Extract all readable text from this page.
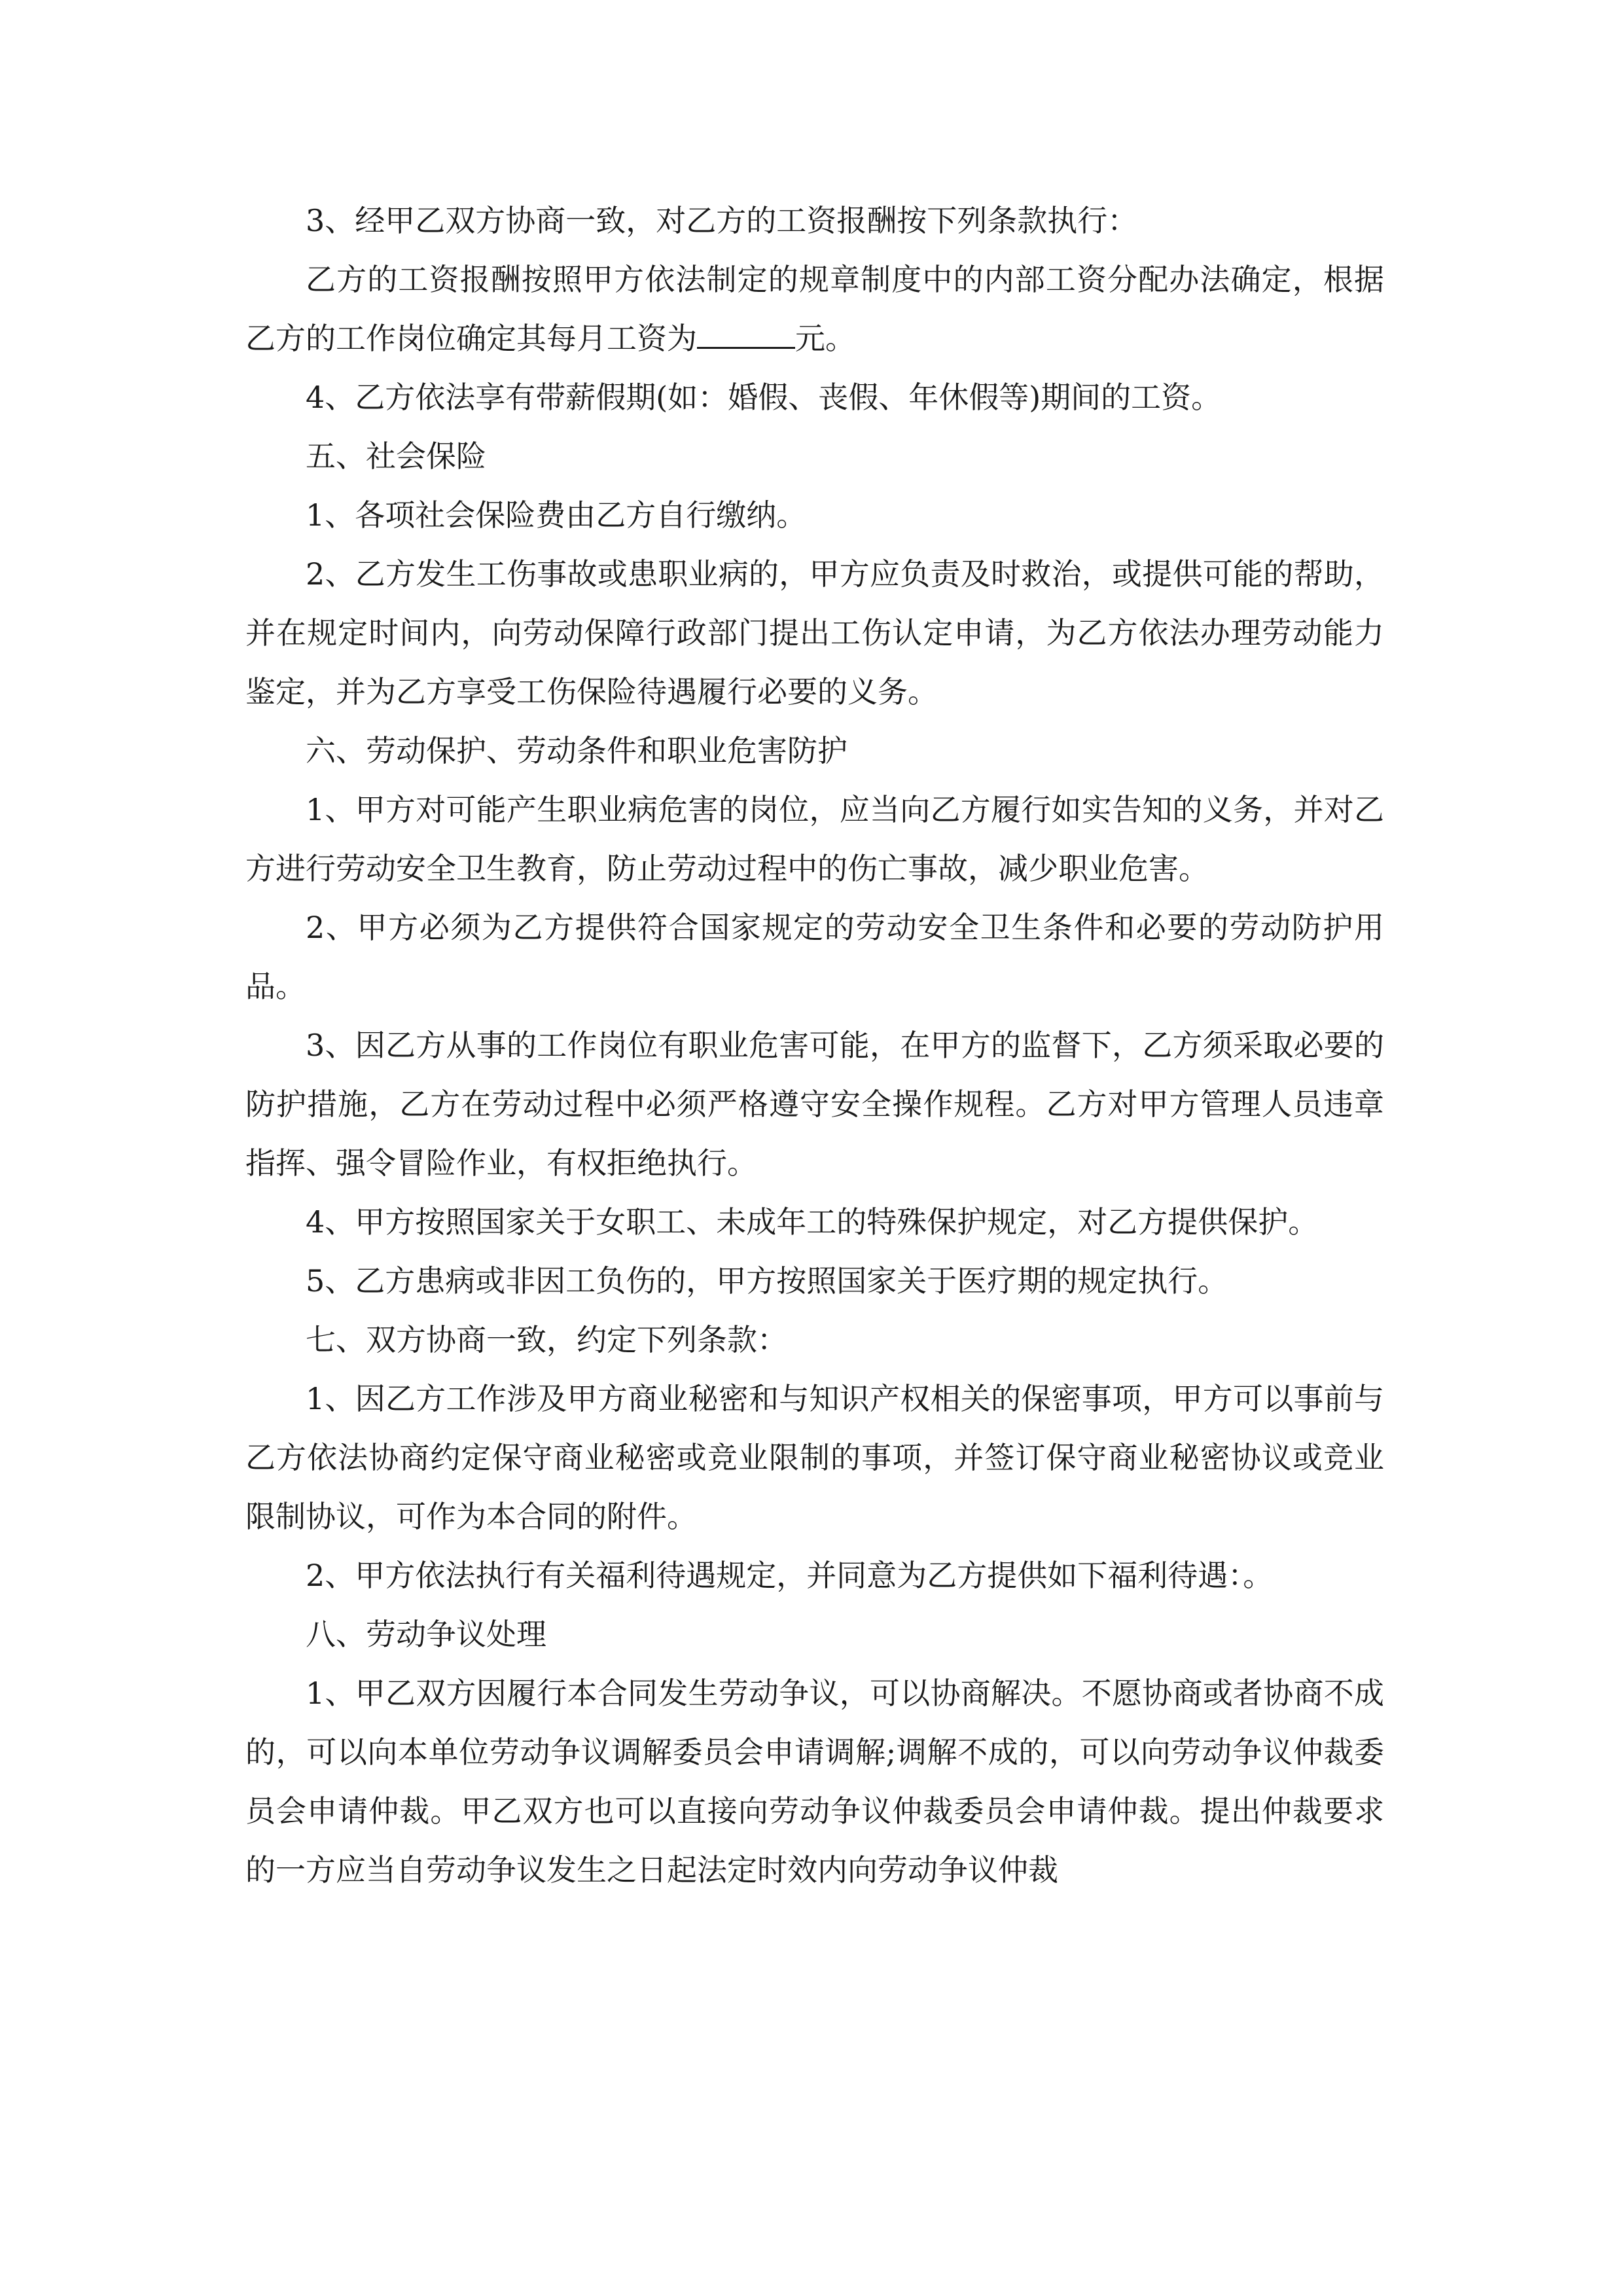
3、经甲乙双方协商一致，对乙方的工资报酬按下列条款执行：

乙方的工资报酬按照甲方依法制定的规章制度中的内部工资分配办法确定，根据乙方的工作岗位确定其每月工资为	元。

4、乙方依法享有带薪假期(如：婚假、丧假、年休假等)期间的工资。

五、社会保险

1、各项社会保险费由乙方自行缴纳。

2、乙方发生工伤事故或患职业病的，甲方应负责及时救治，或提供可能的帮助，并在规定时间内，向劳动保障行政部门提出工伤认定申请，为乙方依法办理劳动能力鉴定，并为乙方享受工伤保险待遇履行必要的义务。

六、劳动保护、劳动条件和职业危害防护

1、甲方对可能产生职业病危害的岗位，应当向乙方履行如实告知的义务，并对乙方进行劳动安全卫生教育，防止劳动过程中的伤亡事故，减少职业危害。

2、甲方必须为乙方提供符合国家规定的劳动安全卫生条件和必要的劳动防护用品。

3、因乙方从事的工作岗位有职业危害可能，在甲方的监督下，乙方须采取必要的防护措施，乙方在劳动过程中必须严格遵守安全操作规程。乙方对甲方管理人员违章指挥、强令冒险作业，有权拒绝执行。

4、甲方按照国家关于女职工、未成年工的特殊保护规定，对乙方提供保护。

5、乙方患病或非因工负伤的，甲方按照国家关于医疗期的规定执行。

七、双方协商一致，约定下列条款：

1、因乙方工作涉及甲方商业秘密和与知识产权相关的保密事项，甲方可以事前与乙方依法协商约定保守商业秘密或竞业限制的事项，并签订保守商业秘密协议或竞业限制协议，可作为本合同的附件。

2、甲方依法执行有关福利待遇规定，并同意为乙方提供如下福利待遇：。

八、劳动争议处理

1、甲乙双方因履行本合同发生劳动争议，可以协商解决。不愿协商或者协商不成的，可以向本单位劳动争议调解委员会申请调解;调解不成的，可以向劳动争议仲裁委员会申请仲裁。甲乙双方也可以直接向劳动争议仲裁委员会申请仲裁。提出仲裁要求的一方应当自劳动争议发生之日起法定时效内向劳动争议仲裁
